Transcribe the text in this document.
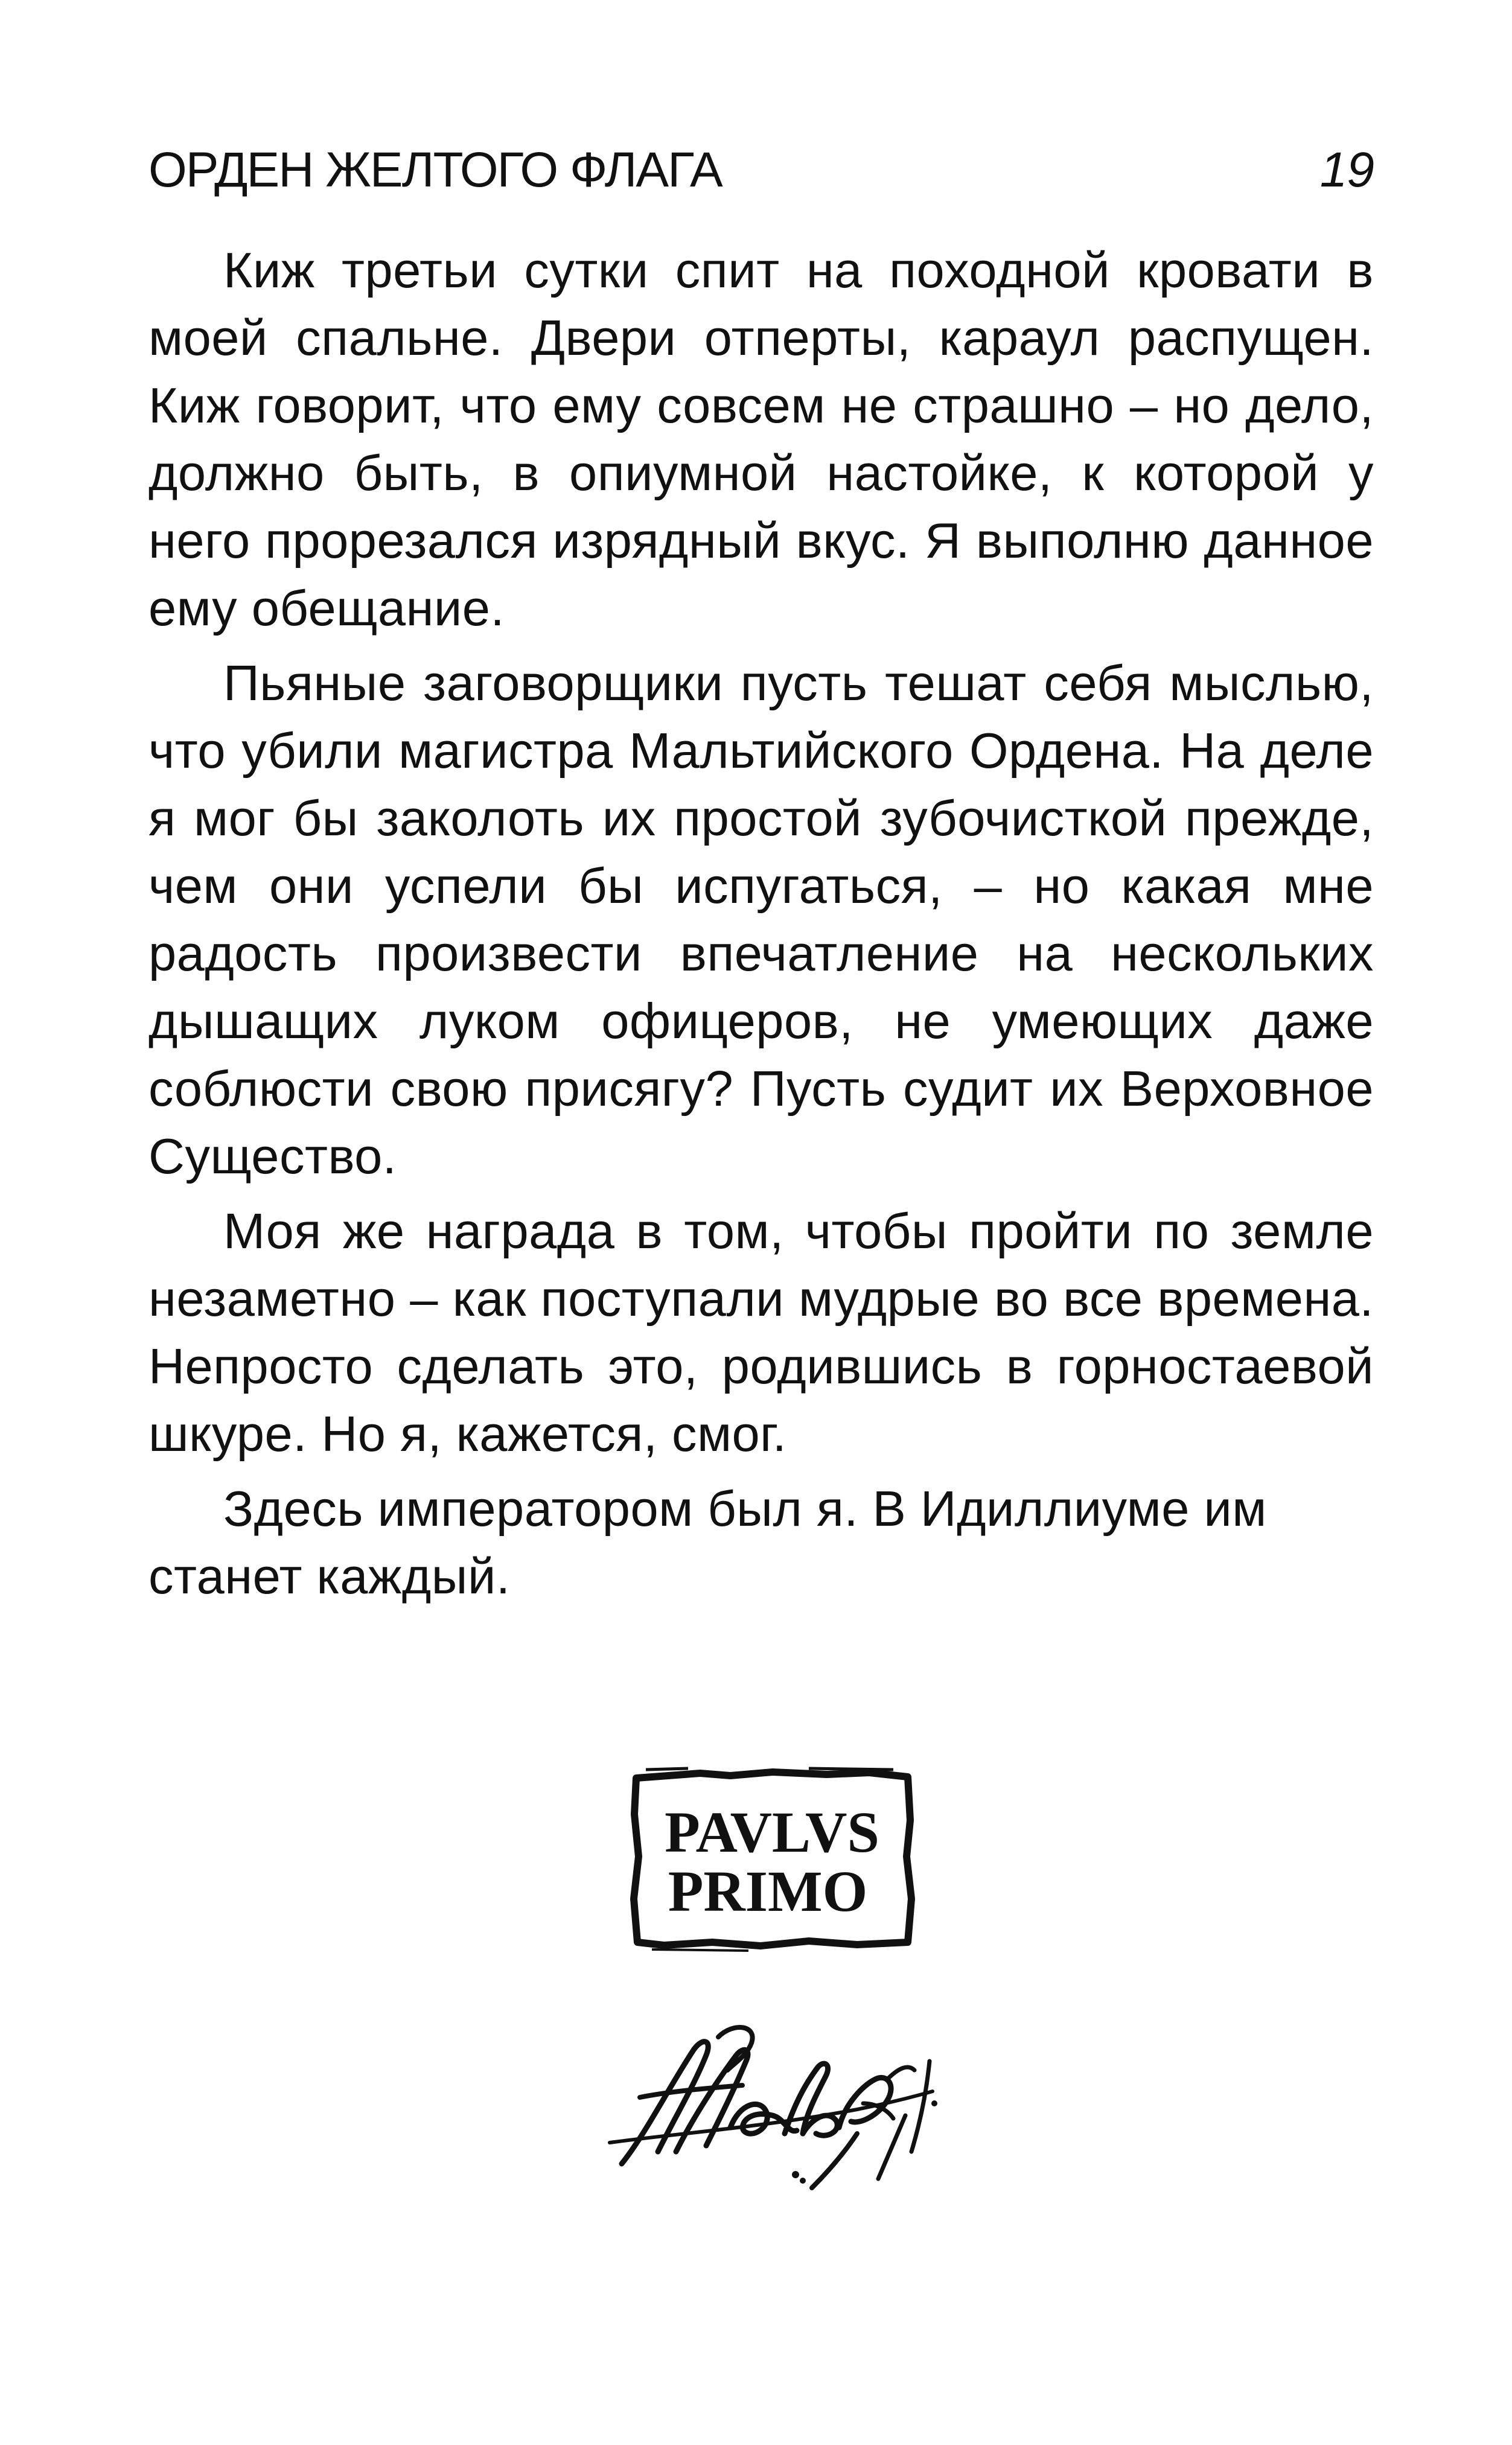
ОРДЕН ЖЕЛТОГО ФЛАГА	19

Киж третьи сутки спит на походной кровати в моей спальне. Двери отперты, караул распущен. Киж говорит, что ему совсем не страшно – но дело, должно быть, в опиумной настойке, к которой у него прорезался изрядный вкус. Я выполню данное ему обещание.

Пьяные заговорщики пусть тешат себя мыслью, что убили магистра Мальтийского Ордена. На деле я мог бы заколоть их простой зубочисткой прежде, чем они успели бы испугаться, – но какая мне радость произвести впечатление на нескольких дышащих луком офицеров, не умеющих даже соблюсти свою присягу? Пусть судит их Верховное Существо.

Моя же награда в том, чтобы пройти по земле незаметно – как поступали мудрые во все времена. Непросто сделать это, родившись в горностаевой шкуре. Но я, кажется, смог.

Здесь императором был я. В Идиллиуме им станет каждый.

PAVLVS
PRIMO
